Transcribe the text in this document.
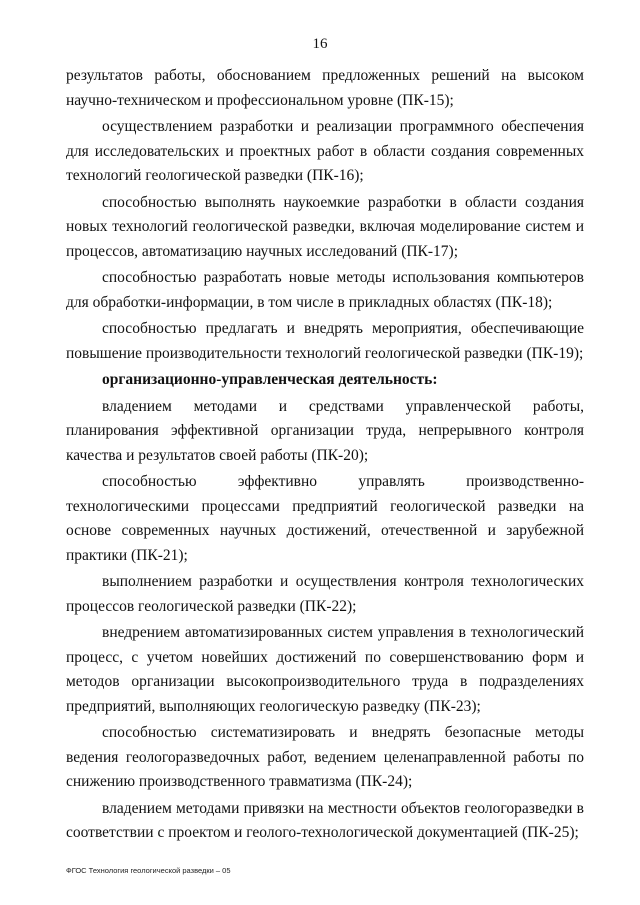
16

результатов работы, обоснованием предложенных решений на высоком научно-техническом и профессиональном уровне (ПК-15);

осуществлением разработки и реализации программного обеспечения для исследовательских и проектных работ в области создания современных технологий геологической разведки (ПК-16);

способностью выполнять наукоемкие разработки в области создания новых технологий геологической разведки, включая моделирование систем и процессов, автоматизацию научных исследований (ПК-17);

способностью разработать новые методы использования компьютеров для обработки-информации, в том числе в прикладных областях (ПК-18);

способностью предлагать и внедрять мероприятия, обеспечивающие повышение производительности технологий геологической разведки (ПК-19);

организационно-управленческая деятельность:

владением методами и средствами управленческой работы, планирования эффективной организации труда, непрерывного контроля качества и результатов своей работы (ПК-20);

способностью эффективно управлять производственно-технологическими процессами предприятий геологической разведки на основе современных научных достижений, отечественной и зарубежной практики (ПК-21);

выполнением разработки и осуществления контроля технологических процессов геологической разведки (ПК-22);

внедрением автоматизированных систем управления в технологический процесс, с учетом новейших достижений по совершенствованию форм и методов организации высокопроизводительного труда в подразделениях предприятий, выполняющих геологическую разведку (ПК-23);

способностью систематизировать и внедрять безопасные методы ведения геологоразведочных работ, ведением целенаправленной работы по снижению производственного травматизма (ПК-24);

владением методами привязки на местности объектов геологоразведки в соответствии с проектом и геолого-технологической документацией (ПК-25);

ФГОС Технология геологической разведки – 05
